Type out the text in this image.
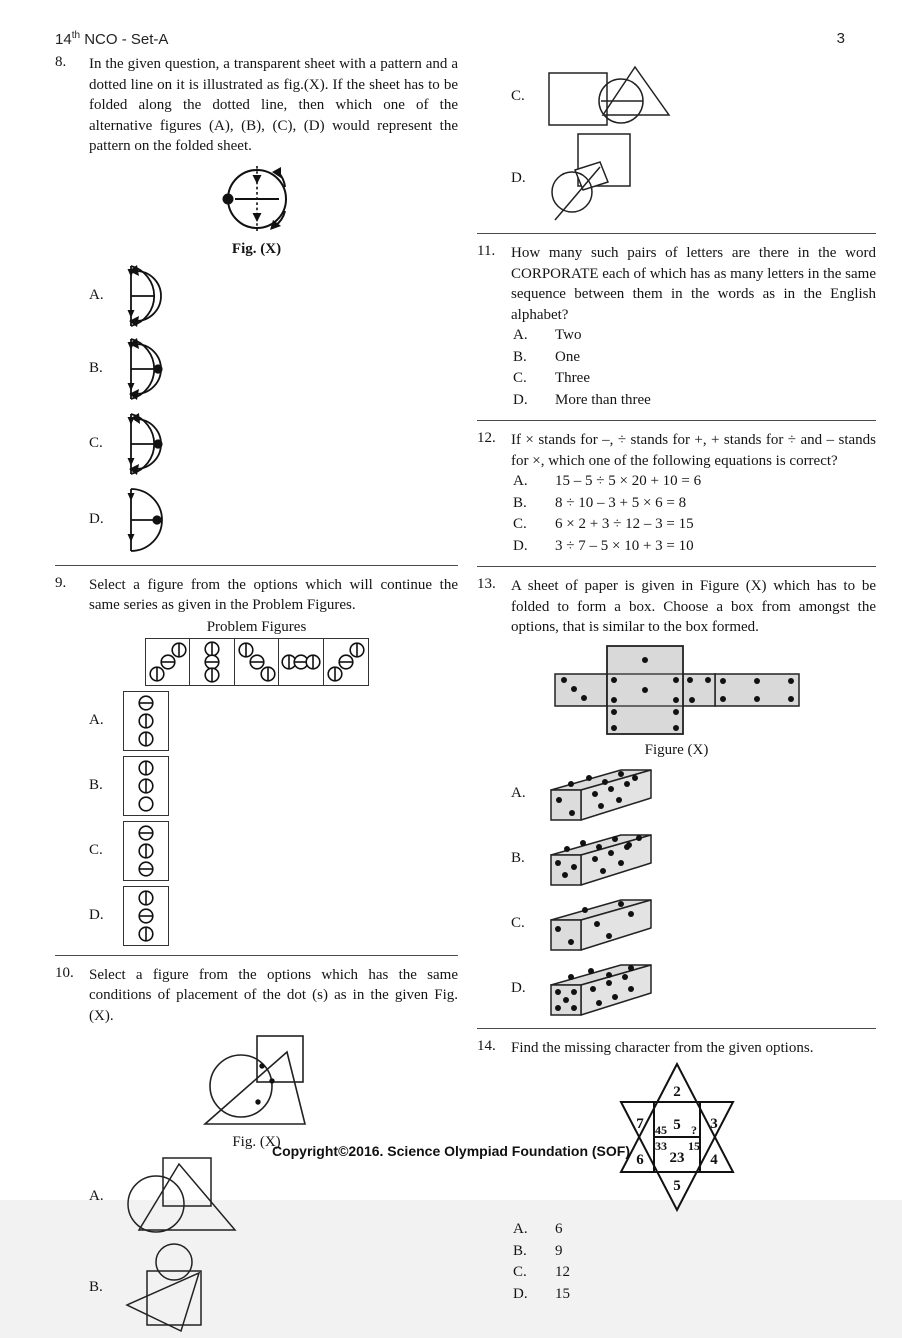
14th NCO - Set-A	3
8.	In the given question, a transparent sheet with a pattern and a dotted line on it is illustrated as fig.(X). If the sheet has to be folded along the dotted line, then which one of the alternative figures (A), (B), (C), (D) would represent the pattern on the folded sheet.
Fig. (X)
A.
B.
C.
D.
9.	Select a figure from the options which will continue the same series as given in the Problem Figures.
Problem Figures
A.
B.
C.
D.
10.	Select a figure from the options which has the same conditions of placement of the dot (s) as in the given Fig. (X).
Fig. (X)
A.
B.
C.
D.
11.	How many such pairs of letters are there in the word CORPORATE each of which has as many letters in the same sequence between them in the words as in the English alphabet?
A.	Two
B.	One
C.	Three
D.	More than three
12.	If × stands for –, ÷ stands for +, + stands for ÷ and – stands for ×, which one of the following equations is correct?
A.	15 – 5 ÷ 5 × 20 + 10 = 6
B.	8 ÷ 10 – 3 + 5 × 6 = 8
C.	6 × 2 + 3 ÷ 12 – 3 = 15
D.	3 ÷ 7 – 5 × 10 + 3 = 10
13.	A sheet of paper is given in Figure (X) which has to be folded to form a box. Choose a box from amongst the options, that is similar to the box formed.
Figure (X)
A.
B.
C.
D.
14.	Find the missing character from the given options.
2
7	3
5
45 ?
33 15
23
6	4
5
A.	6
B.	9
C.	12
D.	15
Copyright©2016. Science Olympiad Foundation (SOF)
